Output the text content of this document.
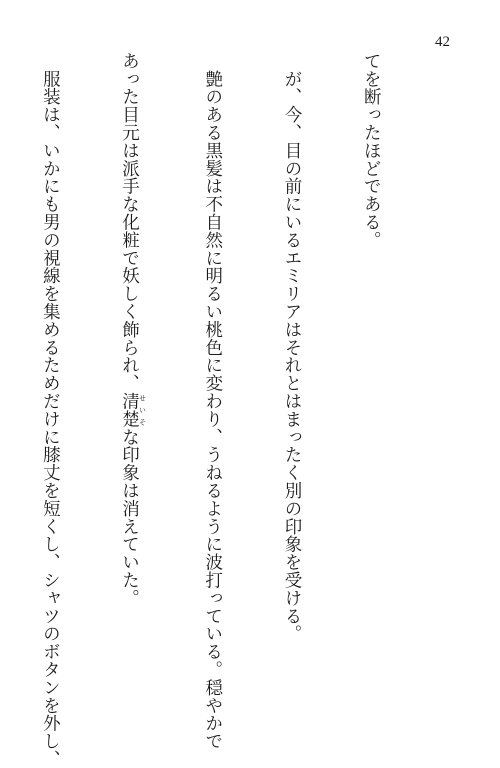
42

てを断ったほどである。

　が、今、目の前にいるエミリアはそれとはまったく別の印象を受ける。

　艶のある黒髪は不自然に明るい桃色に変わり、うねるように波打っている。穏やかで

あった目元は派手な化粧で妖しく飾られ、清楚 せいそな印象は消えていた。

　服装は、いかにも男の視線を集めるためだけに膝丈を短くし、シャツのボタンを外し、
